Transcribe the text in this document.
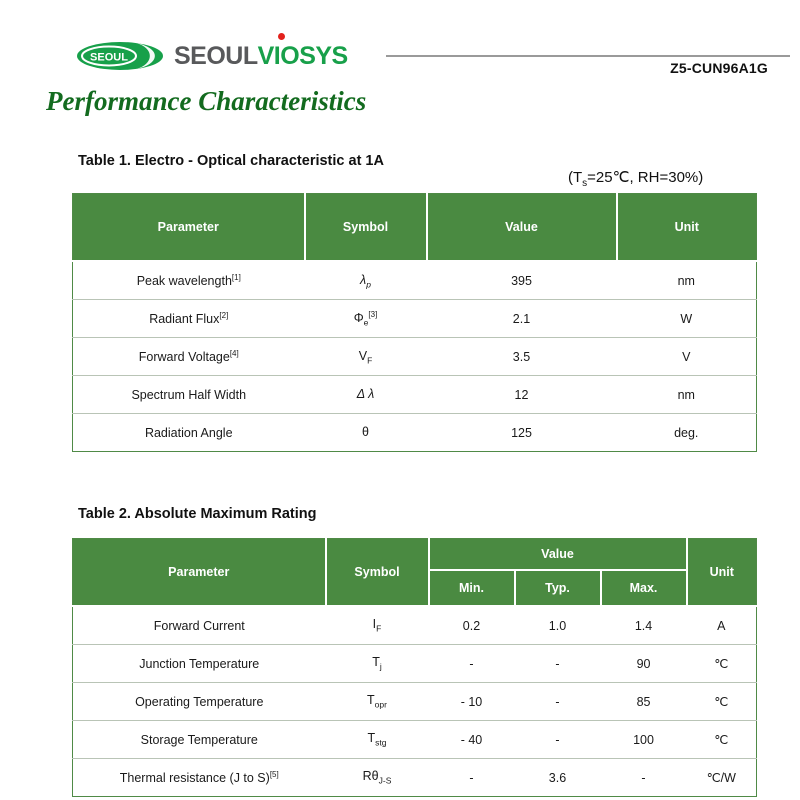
SEOUL SEOUL
VIOSYS	Z5-CUN96A1G
Performance Characteristics
Table 1. Electro - Optical characteristic at 1A
($T_s=25℃$, RH=30%)
Parameter	Symbol	Value	Unit
Peak wavelength[1]	$\lambda_p$	395	nm
Radiant Flux[2]	$\Phi_e[3]$	2.1	W
Forward Voltage[4]	$V_F$	3.5	V
Spectrum Half Width	Δ λ	12	nm
Radiation Angle	θ	125	deg.
Table 2. Absolute Maximum Rating
Parameter	Symbol	Value			Unit
		Min.	Typ.	Max.	
Forward Current	$I_F$	0.2	1.0	1.4	A
Junction Temperature	$T_j$	-	-	90	℃
Operating Temperature	$T_{opr}$	- 10	-	85	℃
Storage Temperature	$T_{stg}$	- 40	-	100	℃
Thermal resistance (J to S)[5]	$R\theta_{J-S}$	-	3.6	-	℃/W
